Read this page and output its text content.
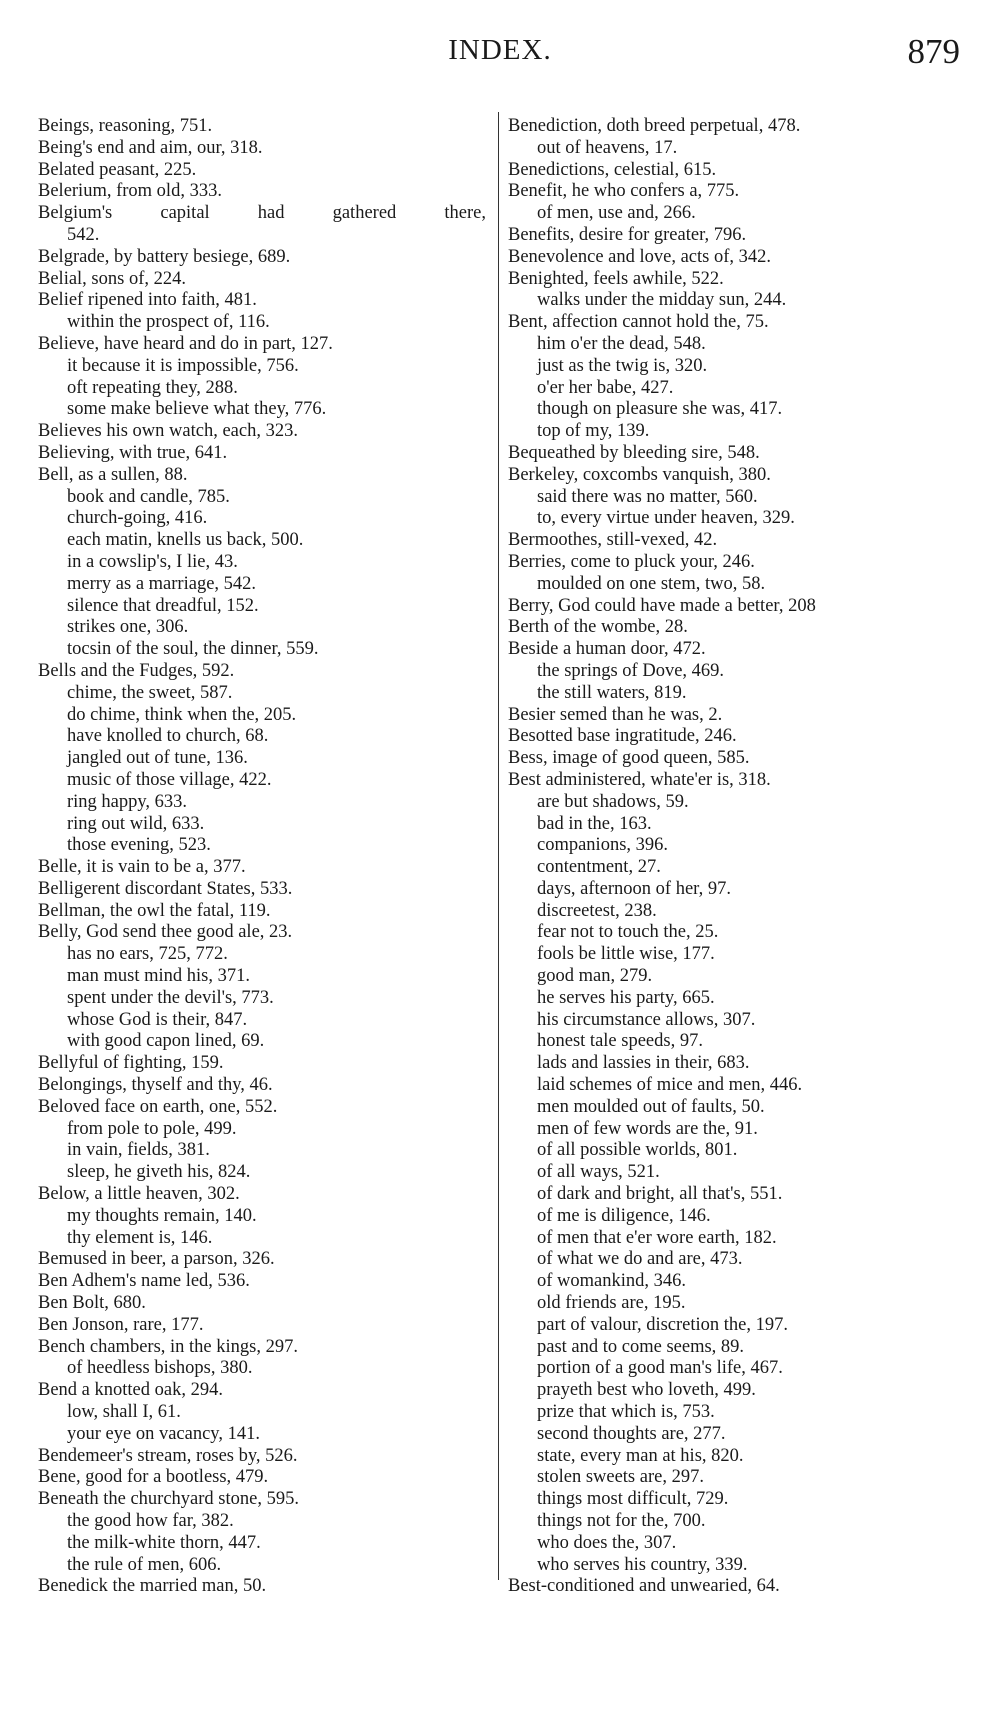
INDEX.	879
Beings, reasoning, 751.
Being's end and aim, our, 318.
Belated peasant, 225.
Belerium, from old, 333.
Belgium's capital had gathered there,
542.
Belgrade, by battery besiege, 689.
Belial, sons of, 224.
Belief ripened into faith, 481.
within the prospect of, 116.
Believe, have heard and do in part, 127.
it because it is impossible, 756.
oft repeating they, 288.
some make believe what they, 776.
Believes his own watch, each, 323.
Believing, with true, 641.
Bell, as a sullen, 88.
book and candle, 785.
church-going, 416.
each matin, knells us back, 500.
in a cowslip's, I lie, 43.
merry as a marriage, 542.
silence that dreadful, 152.
strikes one, 306.
tocsin of the soul, the dinner, 559.
Bells and the Fudges, 592.
chime, the sweet, 587.
do chime, think when the, 205.
have knolled to church, 68.
jangled out of tune, 136.
music of those village, 422.
ring happy, 633.
ring out wild, 633.
those evening, 523.
Belle, it is vain to be a, 377.
Belligerent discordant States, 533.
Bellman, the owl the fatal, 119.
Belly, God send thee good ale, 23.
has no ears, 725, 772.
man must mind his, 371.
spent under the devil's, 773.
whose God is their, 847.
with good capon lined, 69.
Bellyful of fighting, 159.
Belongings, thyself and thy, 46.
Beloved face on earth, one, 552.
from pole to pole, 499.
in vain, fields, 381.
sleep, he giveth his, 824.
Below, a little heaven, 302.
my thoughts remain, 140.
thy element is, 146.
Bemused in beer, a parson, 326.
Ben Adhem's name led, 536.
Ben Bolt, 680.
Ben Jonson, rare, 177.
Bench chambers, in the kings, 297.
of heedless bishops, 380.
Bend a knotted oak, 294.
low, shall I, 61.
your eye on vacancy, 141.
Bendemeer's stream, roses by, 526.
Bene, good for a bootless, 479.
Beneath the churchyard stone, 595.
the good how far, 382.
the milk-white thorn, 447.
the rule of men, 606.
Benedick the married man, 50.
Benediction, doth breed perpetual, 478.
out of heavens, 17.
Benedictions, celestial, 615.
Benefit, he who confers a, 775.
of men, use and, 266.
Benefits, desire for greater, 796.
Benevolence and love, acts of, 342.
Benighted, feels awhile, 522.
walks under the midday sun, 244.
Bent, affection cannot hold the, 75.
him o'er the dead, 548.
just as the twig is, 320.
o'er her babe, 427.
though on pleasure she was, 417.
top of my, 139.
Bequeathed by bleeding sire, 548.
Berkeley, coxcombs vanquish, 380.
said there was no matter, 560.
to, every virtue under heaven, 329.
Bermoothes, still-vexed, 42.
Berries, come to pluck your, 246.
moulded on one stem, two, 58.
Berry, God could have made a better, 208
Berth of the wombe, 28.
Beside a human door, 472.
the springs of Dove, 469.
the still waters, 819.
Besier semed than he was, 2.
Besotted base ingratitude, 246.
Bess, image of good queen, 585.
Best administered, whate'er is, 318.
are but shadows, 59.
bad in the, 163.
companions, 396.
contentment, 27.
days, afternoon of her, 97.
discreetest, 238.
fear not to touch the, 25.
fools be little wise, 177.
good man, 279.
he serves his party, 665.
his circumstance allows, 307.
honest tale speeds, 97.
lads and lassies in their, 683.
laid schemes of mice and men, 446.
men moulded out of faults, 50.
men of few words are the, 91.
of all possible worlds, 801.
of all ways, 521.
of dark and bright, all that's, 551.
of me is diligence, 146.
of men that e'er wore earth, 182.
of what we do and are, 473.
of womankind, 346.
old friends are, 195.
part of valour, discretion the, 197.
past and to come seems, 89.
portion of a good man's life, 467.
prayeth best who loveth, 499.
prize that which is, 753.
second thoughts are, 277.
state, every man at his, 820.
stolen sweets are, 297.
things most difficult, 729.
things not for the, 700.
who does the, 307.
who serves his country, 339.
Best-conditioned and unwearied, 64.
